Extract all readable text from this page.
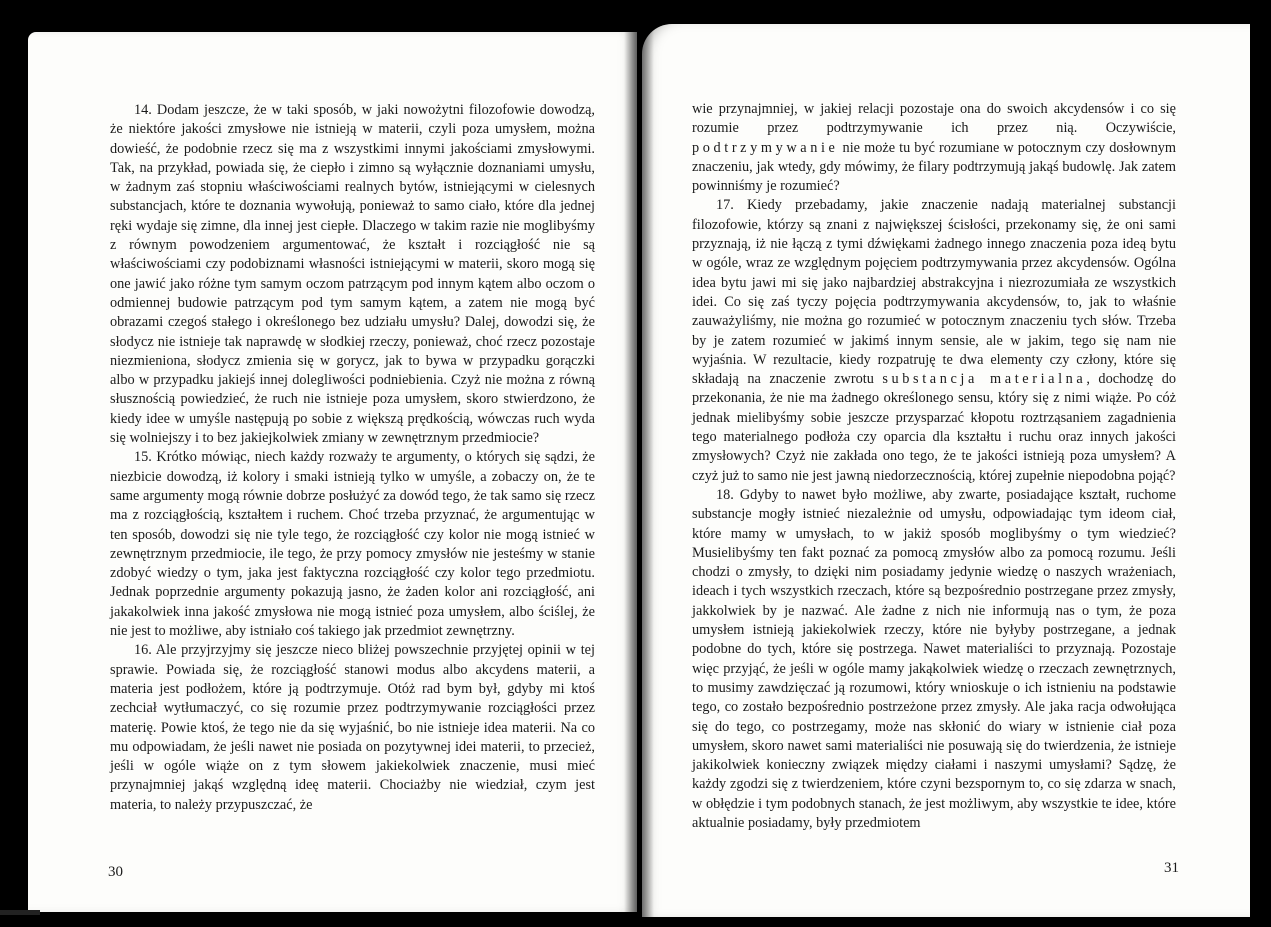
14. Dodam jeszcze, że w taki sposób, w jaki nowożytni filozofowie dowodzą, że niektóre jakości zmysłowe nie istnieją w materii, czyli poza umysłem, można dowieść, że podobnie rzecz się ma z wszystkimi innymi jakościami zmysłowymi. Tak, na przykład, powiada się, że ciepło i zimno są wyłącznie doznaniami umysłu, w żadnym zaś stopniu właściwościami realnych bytów, istniejącymi w cielesnych substancjach, które te doznania wywołują, ponieważ to samo ciało, które dla jednej ręki wydaje się zimne, dla innej jest ciepłe. Dlaczego w takim razie nie moglibyśmy z równym powodzeniem argumentować, że kształt i rozciągłość nie są właściwościami czy podobiznami własności istniejącymi w materii, skoro mogą się one jawić jako różne tym samym oczom patrzącym pod innym kątem albo oczom o odmiennej budowie patrzącym pod tym samym kątem, a zatem nie mogą być obrazami czegoś stałego i określonego bez udziału umysłu? Dalej, dowodzi się, że słodycz nie istnieje tak naprawdę w słodkiej rzeczy, ponieważ, choć rzecz pozostaje niezmieniona, słodycz zmienia się w gorycz, jak to bywa w przypadku gorączki albo w przypadku jakiejś innej dolegliwości podniebienia. Czyż nie można z równą słusznością powiedzieć, że ruch nie istnieje poza umysłem, skoro stwierdzono, że kiedy idee w umyśle następują po sobie z większą prędkością, wówczas ruch wyda się wolniejszy i to bez jakiejkolwiek zmiany w zewnętrznym przedmiocie?

15. Krótko mówiąc, niech każdy rozważy te argumenty, o których się sądzi, że niezbicie dowodzą, iż kolory i smaki istnieją tylko w umyśle, a zobaczy on, że te same argumenty mogą równie dobrze posłużyć za dowód tego, że tak samo się rzecz ma z rozciągłością, kształtem i ruchem. Choć trzeba przyznać, że argumentując w ten sposób, dowodzi się nie tyle tego, że rozciągłość czy kolor nie mogą istnieć w zewnętrznym przedmiocie, ile tego, że przy pomocy zmysłów nie jesteśmy w stanie zdobyć wiedzy o tym, jaka jest faktyczna rozciągłość czy kolor tego przedmiotu. Jednak poprzednie argumenty pokazują jasno, że żaden kolor ani rozciągłość, ani jakakolwiek inna jakość zmysłowa nie mogą istnieć poza umysłem, albo ściślej, że nie jest to możliwe, aby istniało coś takiego jak przedmiot zewnętrzny.

16. Ale przyjrzyjmy się jeszcze nieco bliżej powszechnie przyjętej opinii w tej sprawie. Powiada się, że rozciągłość stanowi modus albo akcydens materii, a materia jest podłożem, które ją podtrzymuje. Otóż rad bym był, gdyby mi ktoś zechciał wytłumaczyć, co się rozumie przez podtrzymywanie rozciągłości przez materię. Powie ktoś, że tego nie da się wyjaśnić, bo nie istnieje idea materii. Na co mu odpowiadam, że jeśli nawet nie posiada on pozytywnej idei materii, to przecież, jeśli w ogóle wiąże on z tym słowem jakiekolwiek znaczenie, musi mieć przynajmniej jakąś względną ideę materii. Chociażby nie wiedział, czym jest materia, to należy przypuszczać, że

30

wie przynajmniej, w jakiej relacji pozostaje ona do swoich akcydensów i co się rozumie przez podtrzymywanie ich przez nią. Oczywiście, podtrzymywanie nie może tu być rozumiane w potocznym czy dosłownym znaczeniu, jak wtedy, gdy mówimy, że filary podtrzymują jakąś budowlę. Jak zatem powinniśmy je rozumieć?

17. Kiedy przebadamy, jakie znaczenie nadają materialnej substancji filozofowie, którzy są znani z największej ścisłości, przekonamy się, że oni sami przyznają, iż nie łączą z tymi dźwiękami żadnego innego znaczenia poza ideą bytu w ogóle, wraz ze względnym pojęciem podtrzymywania przez akcydensów. Ogólna idea bytu jawi mi się jako najbardziej abstrakcyjna i niezrozumiała ze wszystkich idei. Co się zaś tyczy pojęcia podtrzymywania akcydensów, to, jak to właśnie zauważyliśmy, nie można go rozumieć w potocznym znaczeniu tych słów. Trzeba by je zatem rozumieć w jakimś innym sensie, ale w jakim, tego się nam nie wyjaśnia. W rezultacie, kiedy rozpatruję te dwa elementy czy człony, które się składają na znaczenie zwrotu substancja materialna, dochodzę do przekonania, że nie ma żadnego określonego sensu, który się z nimi wiąże. Po cóż jednak mielibyśmy sobie jeszcze przysparzać kłopotu roztrząsaniem zagadnienia tego materialnego podłoża czy oparcia dla kształtu i ruchu oraz innych jakości zmysłowych? Czyż nie zakłada ono tego, że te jakości istnieją poza umysłem? A czyż już to samo nie jest jawną niedorzecznością, której zupełnie niepodobna pojąć?

18. Gdyby to nawet było możliwe, aby zwarte, posiadające kształt, ruchome substancje mogły istnieć niezależnie od umysłu, odpowiadając tym ideom ciał, które mamy w umysłach, to w jakiż sposób moglibyśmy o tym wiedzieć? Musielibyśmy ten fakt poznać za pomocą zmysłów albo za pomocą rozumu. Jeśli chodzi o zmysły, to dzięki nim posiadamy jedynie wiedzę o naszych wrażeniach, ideach i tych wszystkich rzeczach, które są bezpośrednio postrzegane przez zmysły, jakkolwiek by je nazwać. Ale żadne z nich nie informują nas o tym, że poza umysłem istnieją jakiekolwiek rzeczy, które nie byłyby postrzegane, a jednak podobne do tych, które się postrzega. Nawet materialiści to przyznają. Pozostaje więc przyjąć, że jeśli w ogóle mamy jakąkolwiek wiedzę o rzeczach zewnętrznych, to musimy zawdzięczać ją rozumowi, który wnioskuje o ich istnieniu na podstawie tego, co zostało bezpośrednio postrzeżone przez zmysły. Ale jaka racja odwołująca się do tego, co postrzegamy, może nas skłonić do wiary w istnienie ciał poza umysłem, skoro nawet sami materialiści nie posuwają się do twierdzenia, że istnieje jakikolwiek konieczny związek między ciałami i naszymi umysłami? Sądzę, że każdy zgodzi się z twierdzeniem, które czyni bezspornym to, co się zdarza w snach, w obłędzie i tym podobnych stanach, że jest możliwym, aby wszystkie te idee, które aktualnie posiadamy, były przedmiotem

31
